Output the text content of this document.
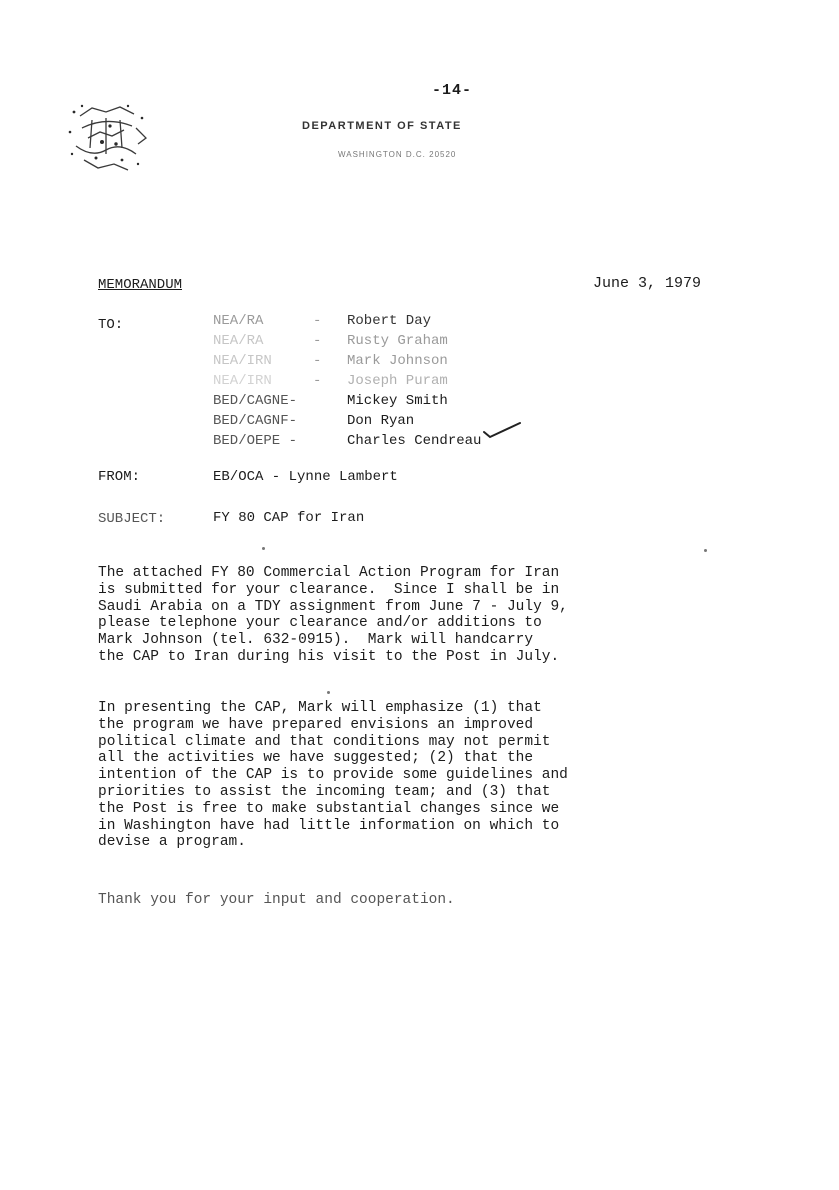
-14-
DEPARTMENT OF STATE
WASHINGTON D.C. 20520
MEMORANDUM	June 3, 1979
TO:	NEA/RA	- Robert Day
NEA/RA	- Rusty Graham
NEA/IRN	- Mark Johnson
NEA/IRN	- Joseph Puram
BED/CAGNE-	Mickey Smith
BED/CAGNF-	Don Ryan
BED/OEPE -	Charles Cendreau
FROM:	EB/OCA - Lynne Lambert
SUBJECT:	FY 80 CAP for Iran
The attached FY 80 Commercial Action Program for Iran
is submitted for your clearance.  Since I shall be in
Saudi Arabia on a TDY assignment from June 7 - July 9,
please telephone your clearance and/or additions to
Mark Johnson (tel. 632-0915).  Mark will handcarry
the CAP to Iran during his visit to the Post in July.
In presenting the CAP, Mark will emphasize (1) that
the program we have prepared envisions an improved
political climate and that conditions may not permit
all the activities we have suggested; (2) that the
intention of the CAP is to provide some guidelines and
priorities to assist the incoming team; and (3) that
the Post is free to make substantial changes since we
in Washington have had little information on which to
devise a program.
Thank you for your input and cooperation.
